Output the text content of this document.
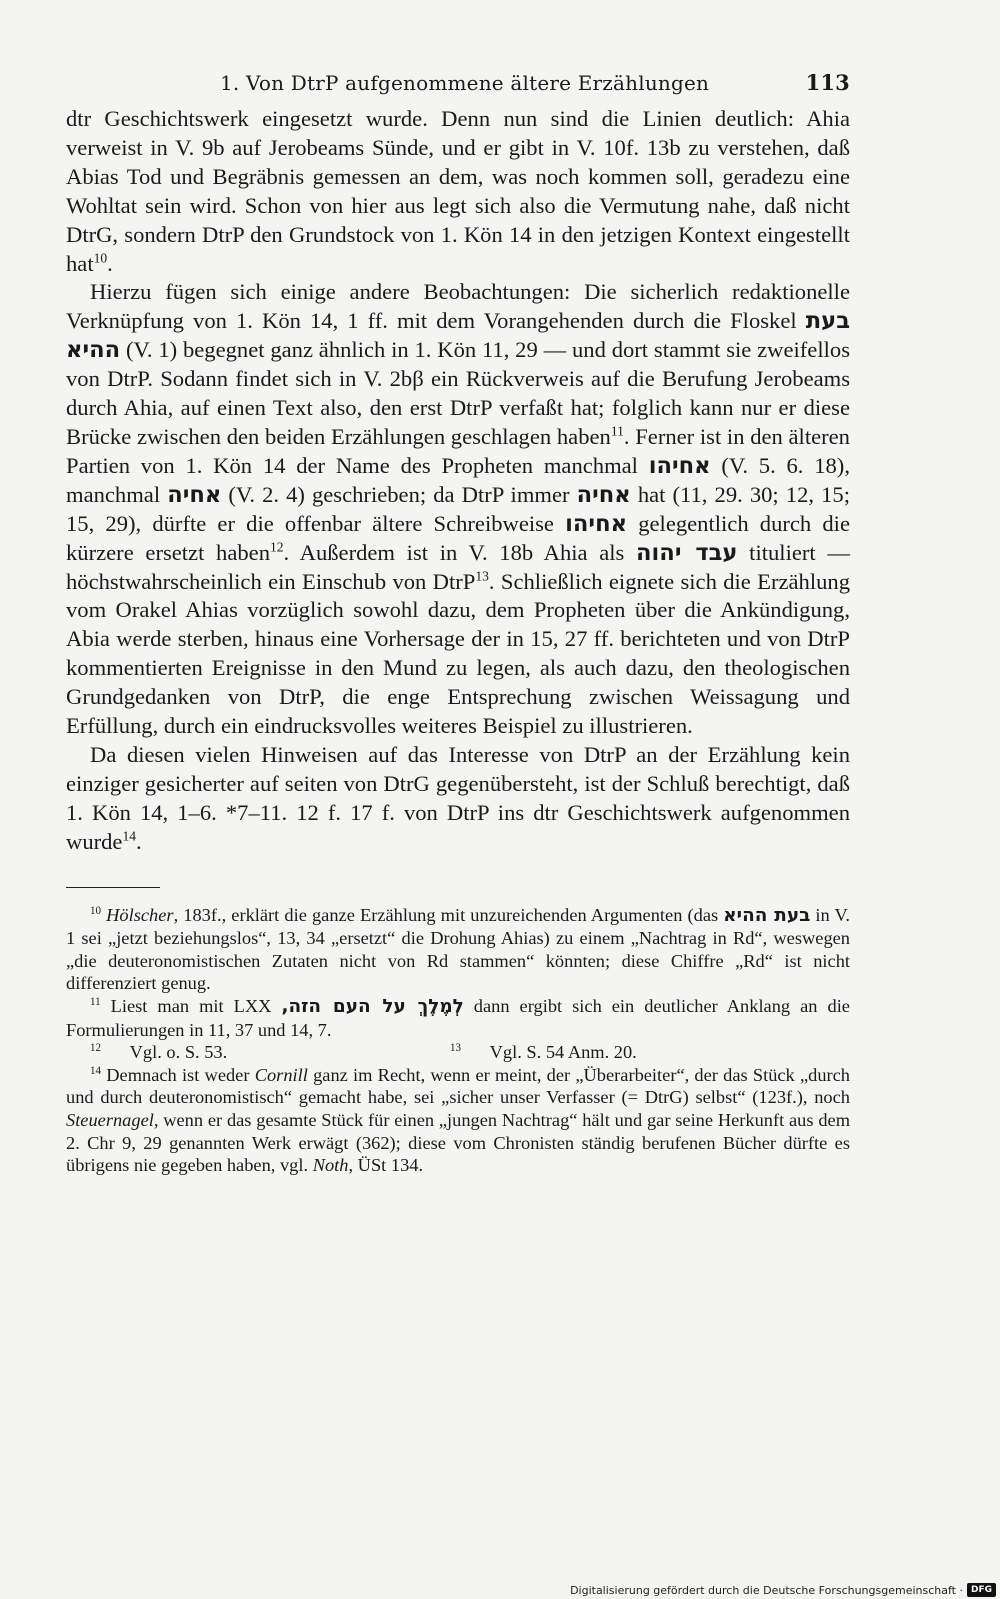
1. Von DtrP aufgenommene ältere Erzählungen	113

dtr Geschichtswerk eingesetzt wurde. Denn nun sind die Linien deutlich: Ahia verweist in V. 9b auf Jerobeams Sünde, und er gibt in V. 10f. 13b zu verstehen, daß Abias Tod und Begräbnis gemessen an dem, was noch kommen soll, geradezu eine Wohltat sein wird. Schon von hier aus legt sich also die Vermutung nahe, daß nicht DtrG, sondern DtrP den Grundstock von 1. Kön 14 in den jetzigen Kontext eingestellt hat$^{10}$.

Hierzu fügen sich einige andere Beobachtungen: Die sicherlich redaktionelle Verknüpfung von 1. Kön 14, 1 ff. mit dem Vorangehenden durch die Floskel בעת ההיא (V. 1) begegnet ganz ähnlich in 1. Kön 11, 29 — und dort stammt sie zweifellos von DtrP. Sodann findet sich in V. 2bβ ein Rückverweis auf die Berufung Jerobeams durch Ahia, auf einen Text also, den erst DtrP verfaßt hat; folglich kann nur er diese Brücke zwischen den beiden Erzählungen geschlagen haben$^{11}$. Ferner ist in den älteren Partien von 1. Kön 14 der Name des Propheten manchmal אחיהו (V. 5. 6. 18), manchmal אחיה (V. 2. 4) geschrieben; da DtrP immer אחיה hat (11, 29. 30; 12, 15; 15, 29), dürfte er die offenbar ältere Schreibweise אחיהו gelegentlich durch die kürzere ersetzt haben$^{12}$. Außerdem ist in V. 18b Ahia als עבד יהוה tituliert — höchstwahrscheinlich ein Einschub von DtrP$^{13}$. Schließlich eignete sich die Erzählung vom Orakel Ahias vorzüglich sowohl dazu, dem Propheten über die Ankündigung, Abia werde sterben, hinaus eine Vorhersage der in 15, 27 ff. berichteten und von DtrP kommentierten Ereignisse in den Mund zu legen, als auch dazu, den theologischen Grundgedanken von DtrP, die enge Entsprechung zwischen Weissagung und Erfüllung, durch ein eindrucksvolles weiteres Beispiel zu illustrieren.

Da diesen vielen Hinweisen auf das Interesse von DtrP an der Erzählung kein einziger gesicherter auf seiten von DtrG gegenübersteht, ist der Schluß berechtigt, daß 1. Kön 14, 1–6. *7–11. 12 f. 17 f. von DtrP ins dtr Geschichtswerk aufgenommen wurde$^{14}$.

$^{10}$ Hölscher, 183f., erklärt die ganze Erzählung mit unzureichenden Argumenten (das בעת ההיא in V. 1 sei „jetzt beziehungslos“, 13, 34 „ersetzt“ die Drohung Ahias) zu einem „Nachtrag in Rd“, weswegen „die deuteronomistischen Zutaten nicht von Rd stammen“ könnten; diese Chiffre „Rd“ ist nicht differenziert genug.

$^{11}$ Liest man mit LXX לְמֶלֶךְ על העם הזה, dann ergibt sich ein deutlicher Anklang an die Formulierungen in 11, 37 und 14, 7.

$^{12}$ Vgl. o. S. 53.	$^{13}$ Vgl. S. 54 Anm. 20.

$^{14}$ Demnach ist weder Cornill ganz im Recht, wenn er meint, der „Überarbeiter“, der das Stück „durch und durch deuteronomistisch“ gemacht habe, sei „sicher unser Verfasser (= DtrG) selbst“ (123f.), noch Steuernagel, wenn er das gesamte Stück für einen „jungen Nachtrag“ hält und gar seine Herkunft aus dem 2. Chr 9, 29 genannten Werk erwägt (362); diese vom Chronisten ständig berufenen Bücher dürfte es übrigens nie gegeben haben, vgl. Noth, ÜSt 134.

Digitalisierung gefördert durch die Deutsche Forschungsgemeinschaft · DFG
